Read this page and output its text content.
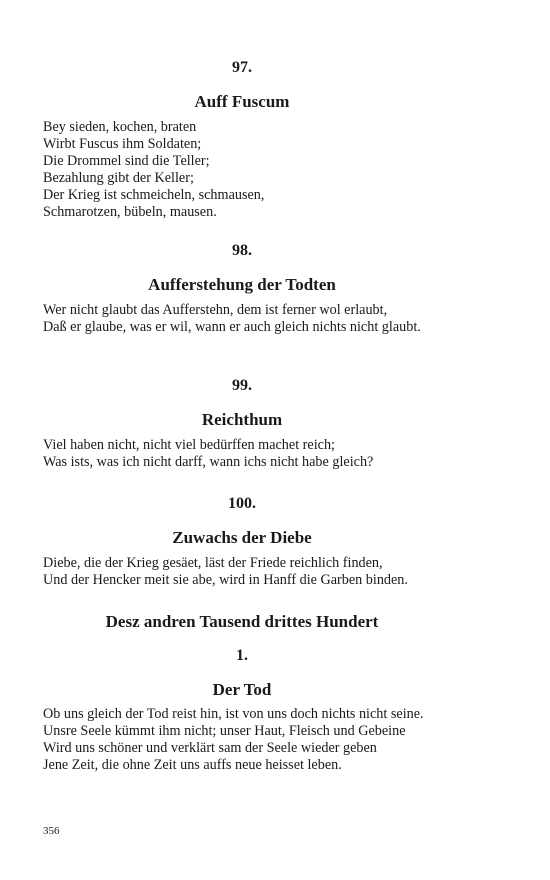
97.
Auff Fuscum
Bey sieden, kochen, braten
Wirbt Fuscus ihm Soldaten;
Die Drommel sind die Teller;
Bezahlung gibt der Keller;
Der Krieg ist schmeicheln, schmausen,
Schmarotzen, bübeln, mausen.
98.
Aufferstehung der Todten
Wer nicht glaubt das Aufferstehn, dem ist ferner wol erlaubt,
Daß er glaube, was er wil, wann er auch gleich nichts nicht glaubt.
99.
Reichthum
Viel haben nicht, nicht viel bedürffen machet reich;
Was ists, was ich nicht darff, wann ichs nicht habe gleich?
100.
Zuwachs der Diebe
Diebe, die der Krieg gesäet, läst der Friede reichlich finden,
Und der Hencker meit sie abe, wird in Hanff die Garben binden.
Desz andren Tausend drittes Hundert
1.
Der Tod
Ob uns gleich der Tod reist hin, ist von uns doch nichts nicht seine.
Unsre Seele kümmt ihm nicht; unser Haut, Fleisch und Gebeine
Wird uns schöner und verklärt sam der Seele wieder geben
Jene Zeit, die ohne Zeit uns auffs neue heisset leben.
356
